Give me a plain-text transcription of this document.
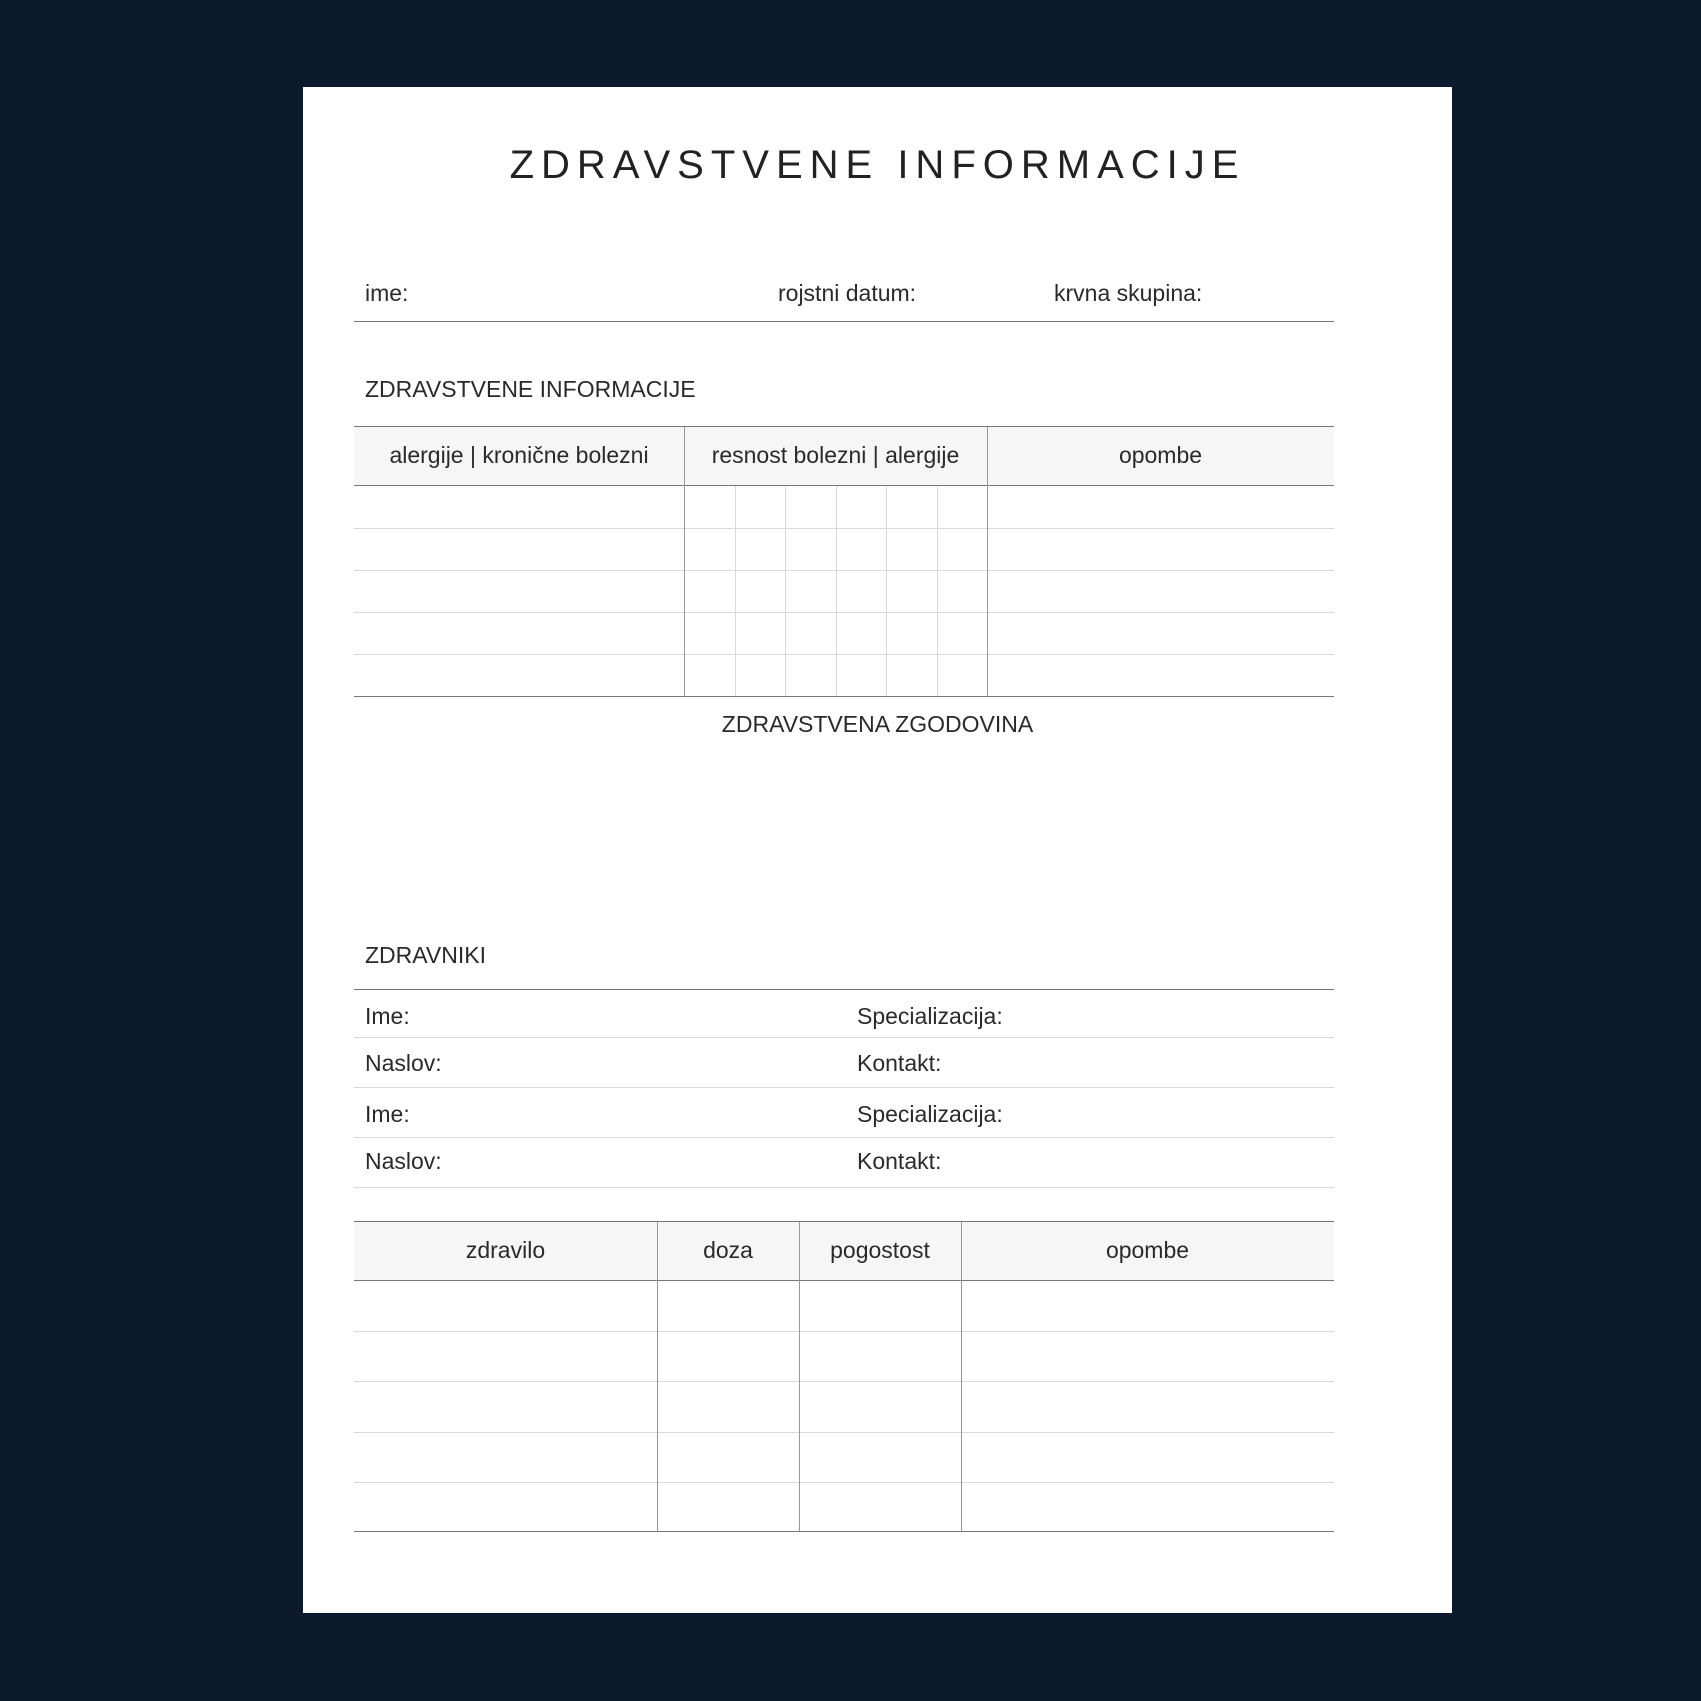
ZDRAVSTVENE INFORMACIJE
ime:	rojstni datum:	krvna skupina:
ZDRAVSTVENE INFORMACIJE
alergije | kronične bolezni	resnost bolezni | alergije	opombe
ZDRAVSTVENA ZGODOVINA
ZDRAVNIKI
Ime:	Specializacija:
Naslov:	Kontakt:
Ime:	Specializacija:
Naslov:	Kontakt:
zdravilo	doza	pogostost	opombe
